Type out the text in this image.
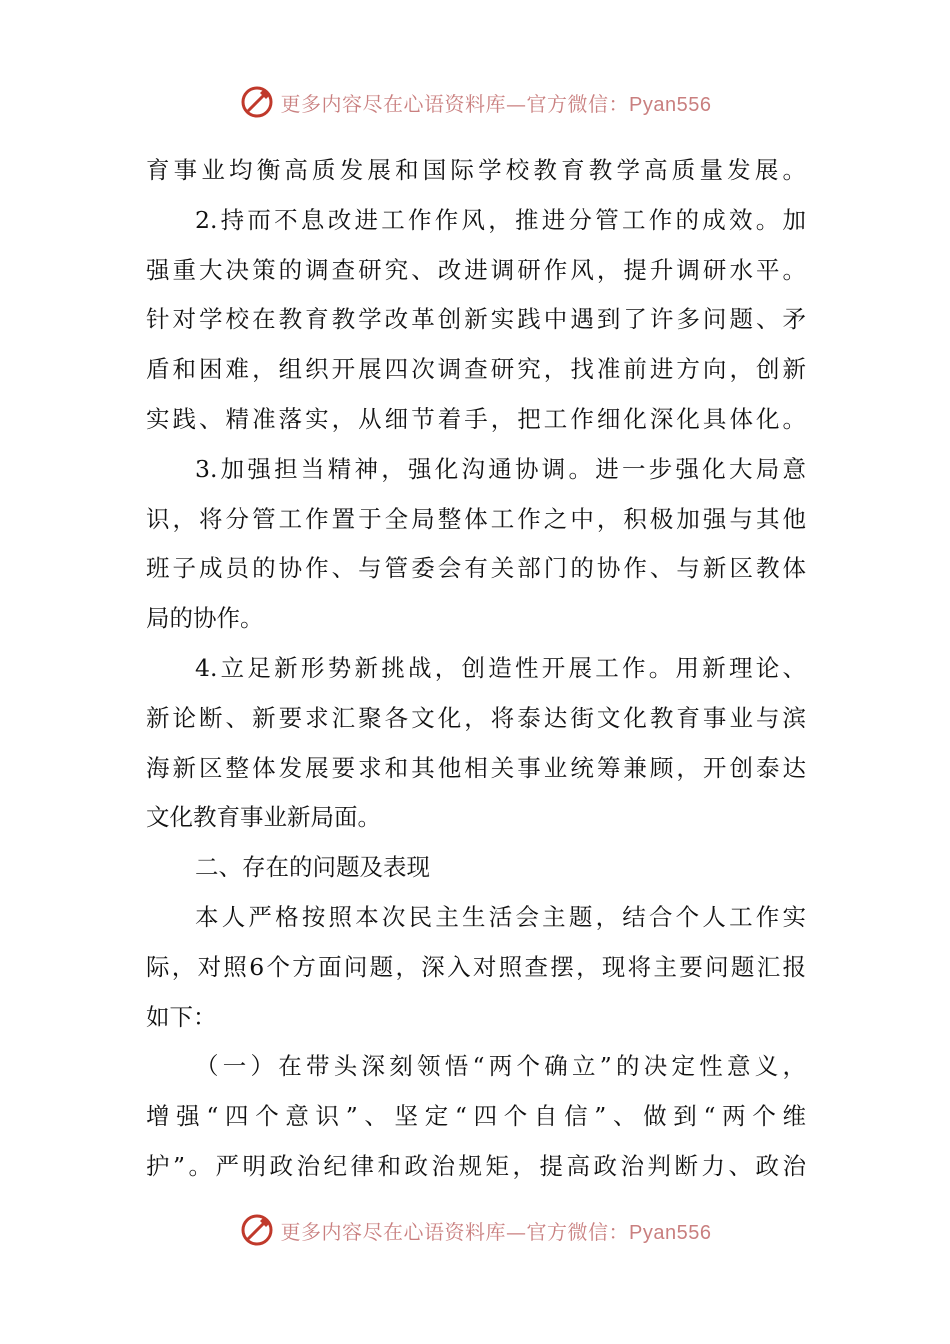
更多内容尽在心语资料库—官方微信：Pyan556
育事业均衡高质发展和国际学校教育教学高质量发展。
2.持而不息改进工作作风，推进分管工作的成效。加
强重大决策的调查研究、改进调研作风，提升调研水平。
针对学校在教育教学改革创新实践中遇到了许多问题、矛
盾和困难，组织开展四次调查研究，找准前进方向，创新
实践、精准落实，从细节着手，把工作细化深化具体化。
3.加强担当精神，强化沟通协调。进一步强化大局意
识，将分管工作置于全局整体工作之中，积极加强与其他
班子成员的协作、与管委会有关部门的协作、与新区教体
局的协作。
4.立足新形势新挑战，创造性开展工作。用新理论、
新论断、新要求汇聚各文化，将泰达街文化教育事业与滨
海新区整体发展要求和其他相关事业统筹兼顾，开创泰达
文化教育事业新局面。
二、存在的问题及表现
本人严格按照本次民主生活会主题，结合个人工作实
际，对照6个方面问题，深入对照查摆，现将主要问题汇报
如下：
（一）在带头深刻领悟“两个确立”的决定性意义，
增强“四个意识”、坚定“四个自信”、做到“两个维
护”。严明政治纪律和政治规矩，提高政治判断力、政治
更多内容尽在心语资料库—官方微信：Pyan556
